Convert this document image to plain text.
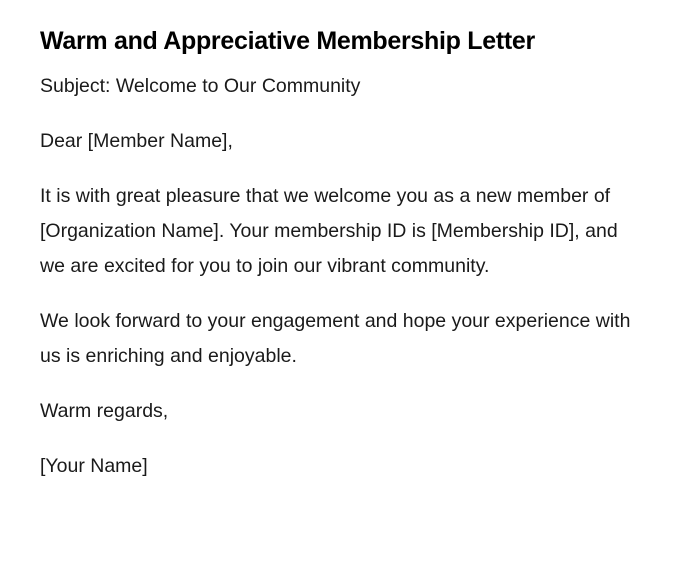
Warm and Appreciative Membership Letter

Subject: Welcome to Our Community

Dear [Member Name],

It is with great pleasure that we welcome you as a new member of [Organization Name]. Your membership ID is [Membership ID], and we are excited for you to join our vibrant community.

We look forward to your engagement and hope your experience with us is enriching and enjoyable.

Warm regards,

[Your Name]
